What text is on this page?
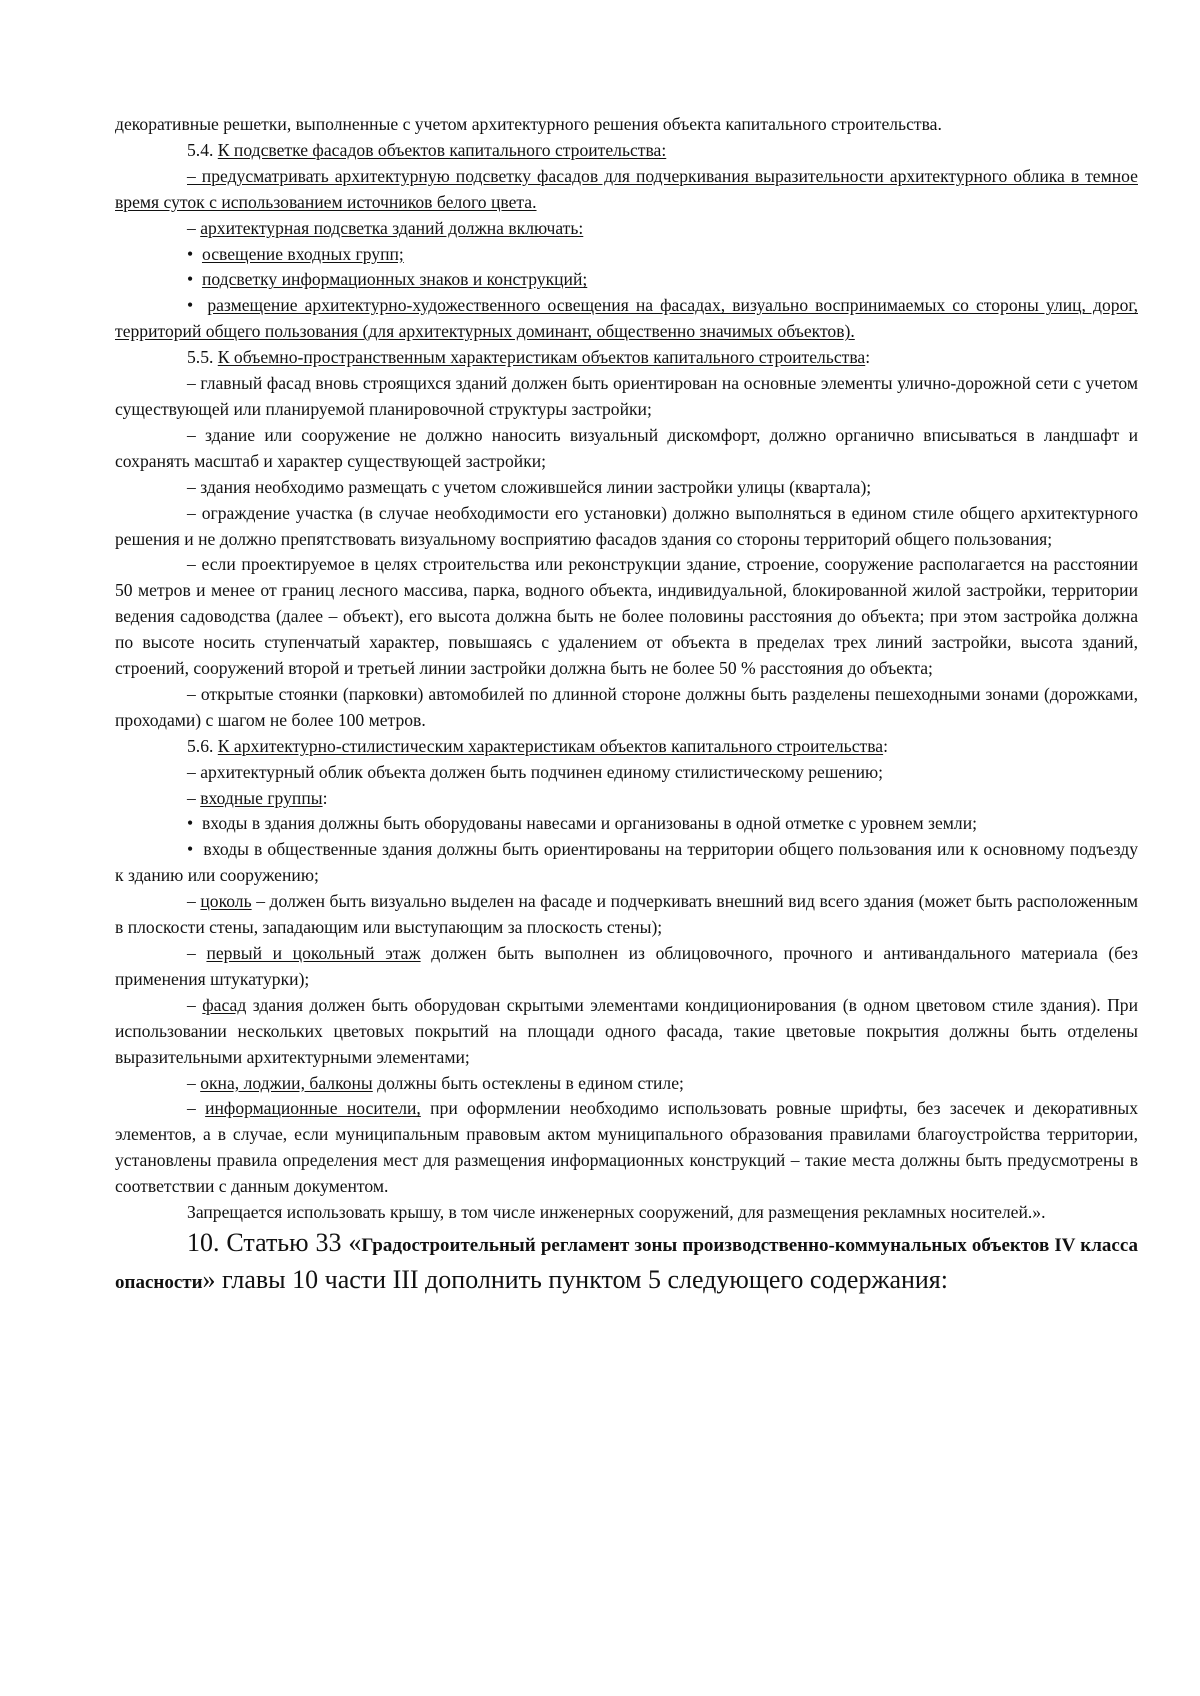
декоративные решетки, выполненные с учетом архитектурного решения объекта капитального строительства.

5.4. К подсветке фасадов объектов капитального строительства:

– предусматривать архитектурную подсветку фасадов для подчеркивания выразительности архитектурного облика в темное время суток с использованием источников белого цвета.

– архитектурная подсветка зданий должна включать:

• освещение входных групп;

• подсветку информационных знаков и конструкций;

• размещение архитектурно-художественного освещения на фасадах, визуально воспринимаемых со стороны улиц, дорог, территорий общего пользования (для архитектурных доминант, общественно значимых объектов).

5.5. К объемно-пространственным характеристикам объектов капитального строительства:

– главный фасад вновь строящихся зданий должен быть ориентирован на основные элементы улично-дорожной сети с учетом существующей или планируемой планировочной структуры застройки;

– здание или сооружение не должно наносить визуальный дискомфорт, должно органично вписываться в ландшафт и сохранять масштаб и характер существующей застройки;

– здания необходимо размещать с учетом сложившейся линии застройки улицы (квартала);

– ограждение участка (в случае необходимости его установки) должно выполняться в едином стиле общего архитектурного решения и не должно препятствовать визуальному восприятию фасадов здания со стороны территорий общего пользования;

– если проектируемое в целях строительства или реконструкции здание, строение, сооружение располагается на расстоянии 50 метров и менее от границ лесного массива, парка, водного объекта, индивидуальной, блокированной жилой застройки, территории ведения садоводства (далее – объект), его высота должна быть не более половины расстояния до объекта; при этом застройка должна по высоте носить ступенчатый характер, повышаясь с удалением от объекта в пределах трех линий застройки, высота зданий, строений, сооружений второй и третьей линии застройки должна быть не более 50 % расстояния до объекта;

– открытые стоянки (парковки) автомобилей по длинной стороне должны быть разделены пешеходными зонами (дорожками, проходами) с шагом не более 100 метров.

5.6. К архитектурно-стилистическим характеристикам объектов капитального строительства:

– архитектурный облик объекта должен быть подчинен единому стилистическому решению;

– входные группы:

• входы в здания должны быть оборудованы навесами и организованы в одной отметке с уровнем земли;

• входы в общественные здания должны быть ориентированы на территории общего пользования или к основному подъезду к зданию или сооружению;

– цоколь – должен быть визуально выделен на фасаде и подчеркивать внешний вид всего здания (может быть расположенным в плоскости стены, западающим или выступающим за плоскость стены);

– первый и цокольный этаж должен быть выполнен из облицовочного, прочного и антивандального материала (без применения штукатурки);

– фасад здания должен быть оборудован скрытыми элементами кондиционирования (в одном цветовом стиле здания). При использовании нескольких цветовых покрытий на площади одного фасада, такие цветовые покрытия должны быть отделены выразительными архитектурными элементами;

– окна, лоджии, балконы должны быть остеклены в едином стиле;

– информационные носители, при оформлении необходимо использовать ровные шрифты, без засечек и декоративных элементов, а в случае, если муниципальным правовым актом муниципального образования правилами благоустройства территории, установлены правила определения мест для размещения информационных конструкций – такие места должны быть предусмотрены в соответствии с данным документом.

Запрещается использовать крышу, в том числе инженерных сооружений, для размещения рекламных носителей.».

10. Статью 33 «Градостроительный регламент зоны производственно-коммунальных объектов IV класса опасности» главы 10 части III дополнить пунктом 5 следующего содержания:
